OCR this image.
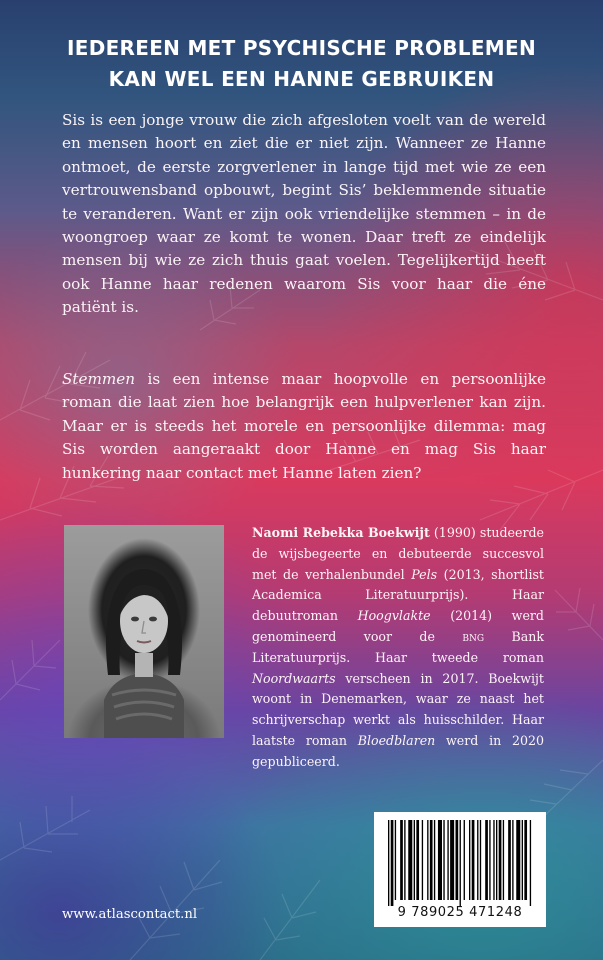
IEDEREEN MET PSYCHISCHE PROBLEMEN
KAN WEL EEN HANNE GEBRUIKEN

Sis is een jonge vrouw die zich afgesloten voelt van de wereld en mensen hoort en ziet die er niet zijn. Wanneer ze Hanne ontmoet, de eerste zorgverlener in lange tijd met wie ze een vertrouwensband opbouwt, begint Sis’ beklemmende situatie te veranderen. Want er zijn ook vriendelijke stemmen – in de woongroep waar ze komt te wonen. Daar treft ze eindelijk mensen bij wie ze zich thuis gaat voelen. Tegelijkertijd heeft ook Hanne haar redenen waarom Sis voor haar die éne patiënt is.

Stemmen is een intense maar hoopvolle en persoonlijke roman die laat zien hoe belangrijk een hulpverlener kan zijn. Maar er is steeds het morele en persoonlijke dilemma: mag Sis worden aangeraakt door Hanne en mag Sis haar hunkering naar contact met Hanne laten zien?

Naomi Rebekka Boekwijt (1990) studeerde de wijsbegeerte en debuteerde succesvol met de verhalenbundel Pels (2013, shortlist Academica Literatuurprijs). Haar debuutroman Hoogvlakte (2014) werd genomineerd voor de bng Bank Literatuurprijs. Haar tweede roman Noordwaarts verscheen in 2017. Boekwijt woont in Denemarken, waar ze naast het schrijverschap werkt als huisschilder. Haar laatste roman Bloedblaren werd in 2020 gepubliceerd.

9 789025 471248
www.atlascontact.nl
